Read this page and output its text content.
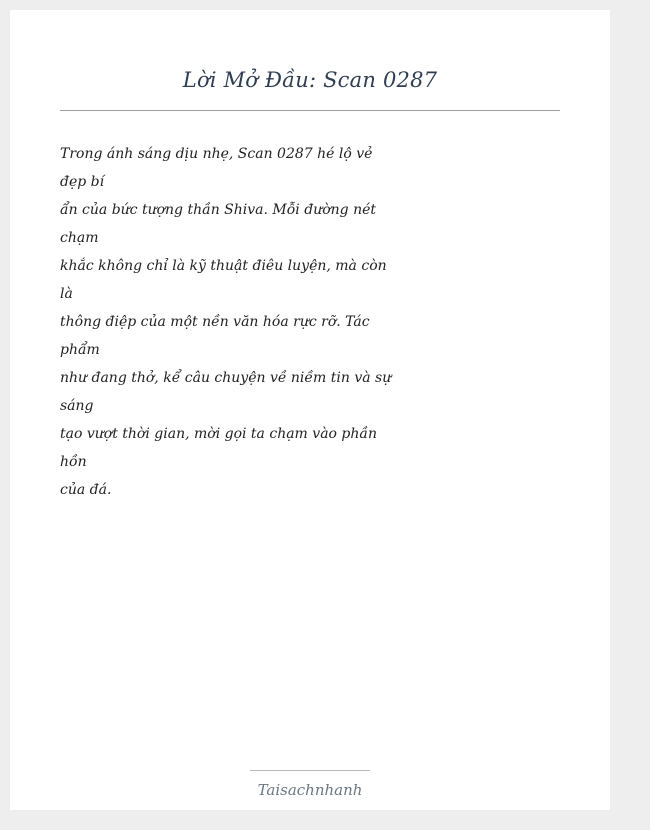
Lời Mở Đầu: Scan 0287
Trong ánh sáng dịu nhẹ, Scan 0287 hé lộ vẻ
đẹp bí
ẩn của bức tượng thần Shiva. Mỗi đường nét
chạm
khắc không chỉ là kỹ thuật điêu luyện, mà còn
là
thông điệp của một nền văn hóa rực rỡ. Tác
phẩm
như đang thở, kể câu chuyện về niềm tin và sự
sáng
tạo vượt thời gian, mời gọi ta chạm vào phần
hồn
của đá.
Taisachnhanh
